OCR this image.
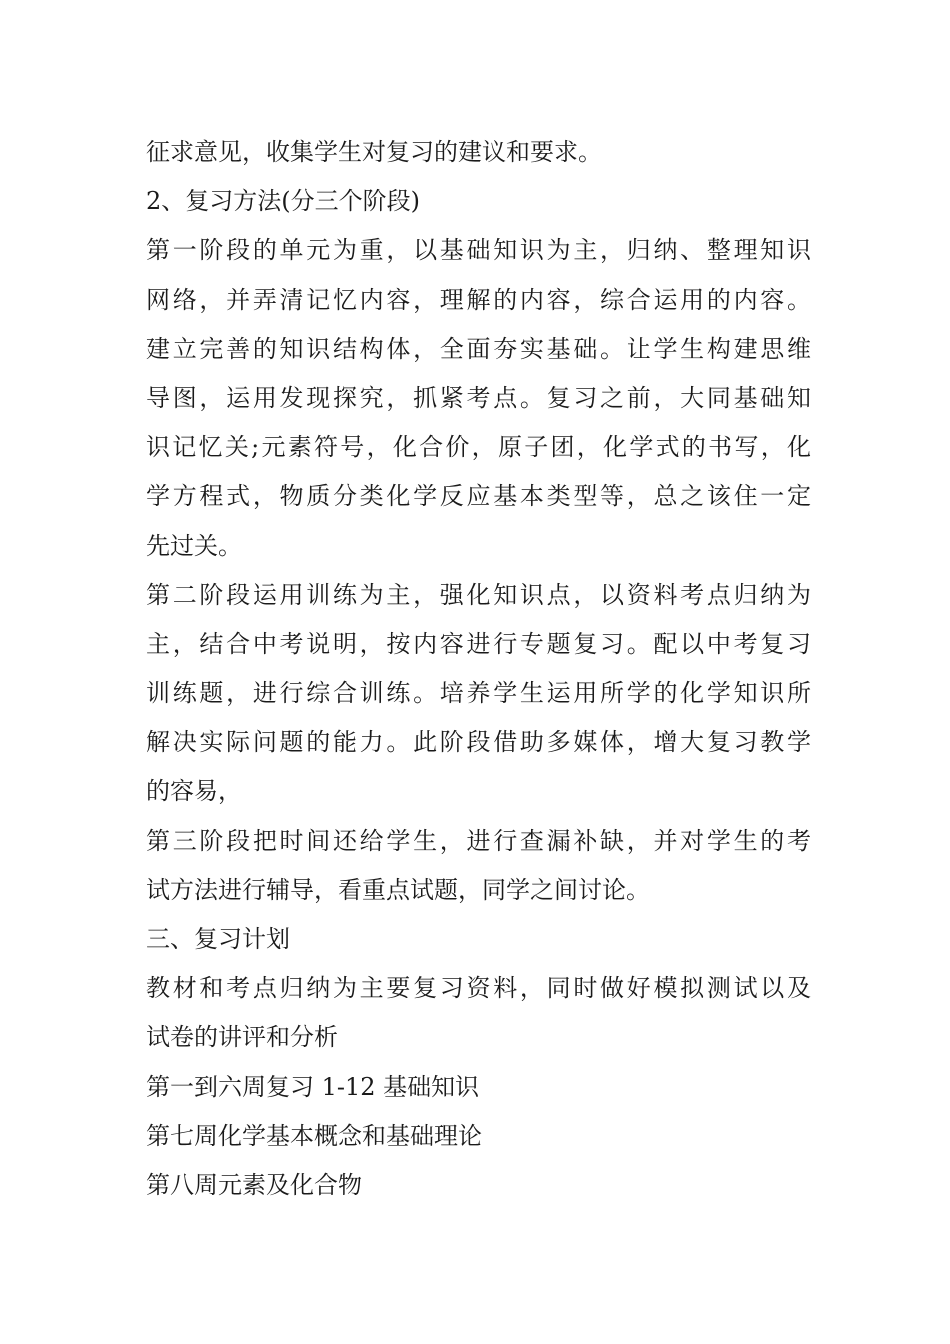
征求意见，收集学生对复习的建议和要求。
2、复习方法(分三个阶段)
第一阶段的单元为重，以基础知识为主，归纳、整理知识
网络，并弄清记忆内容，理解的内容，综合运用的内容。
建立完善的知识结构体，全面夯实基础。让学生构建思维
导图，运用发现探究，抓紧考点。复习之前，大同基础知
识记忆关;元素符号，化合价，原子团，化学式的书写，化
学方程式，物质分类化学反应基本类型等，总之该住一定
先过关。
第二阶段运用训练为主，强化知识点，以资料考点归纳为
主，结合中考说明，按内容进行专题复习。配以中考复习
训练题，进行综合训练。培养学生运用所学的化学知识所
解决实际问题的能力。此阶段借助多媒体，增大复习教学
的容易，
第三阶段把时间还给学生，进行查漏补缺，并对学生的考
试方法进行辅导，看重点试题，同学之间讨论。
三、复习计划
教材和考点归纳为主要复习资料，同时做好模拟测试以及
试卷的讲评和分析
第一到六周复习 1-12 基础知识
第七周化学基本概念和基础理论
第八周元素及化合物
